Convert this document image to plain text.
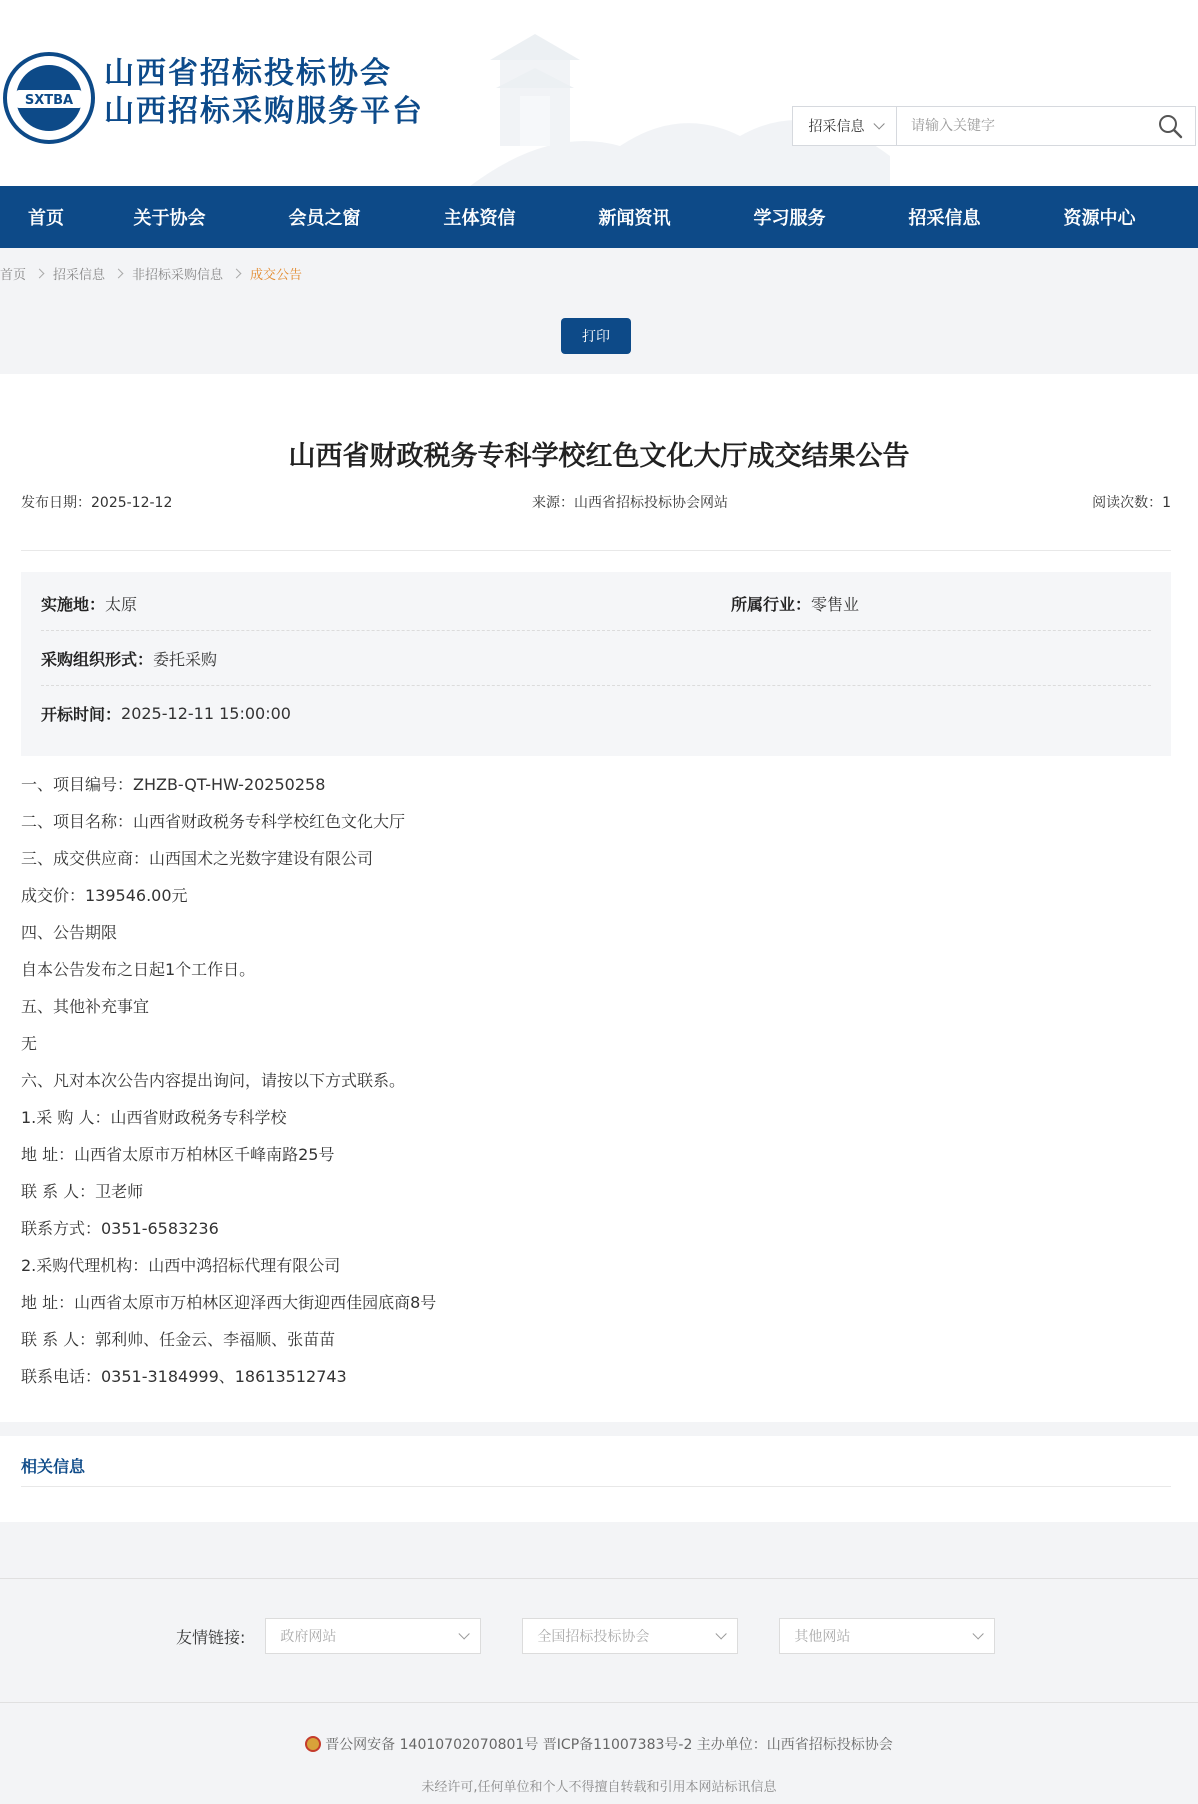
SXTBA
山西省招标投标协会
山西招标采购服务平台	招采信息
请输入关键字
首页	关于协会	会员之窗	主体资信	新闻资讯	学习服务	招采信息	资源中心
首页 招采信息 非招标采购信息 成交公告
打印
山西省财政税务专科学校红色文化大厅成交结果公告
发布日期：2025-12-12	来源：山西省招标投标协会网站	阅读次数：1
实施地： 太原	所属行业：零售业
采购组织形式： 委托采购
开标时间： 2025-12-11 15:00:00
一、项目编号：ZHZB-QT-HW-20250258
二、项目名称：山西省财政税务专科学校红色文化大厅
三、成交供应商：山西国术之光数字建设有限公司
成交价：139546.00元
四、公告期限
自本公告发布之日起1个工作日。
五、其他补充事宜
无
六、凡对本次公告内容提出询问，请按以下方式联系。
1.采 购 人：山西省财政税务专科学校
地 址：山西省太原市万柏林区千峰南路25号
联 系 人：卫老师
联系方式：0351-6583236
2.采购代理机构：山西中鸿招标代理有限公司
地 址：山西省太原市万柏林区迎泽西大街迎西佳园底商8号
联 系 人：郭利帅、任金云、李福顺、张苗苗
联系电话：0351-3184999、18613512743
相关信息
友情链接:	政府网站	全国招标投标协会	其他网站
晋公网安备 14010702070801号 晋ICP备11007383号-2 主办单位：山西省招标投标协会
未经许可,任何单位和个人不得擅自转载和引用本网站标讯信息
